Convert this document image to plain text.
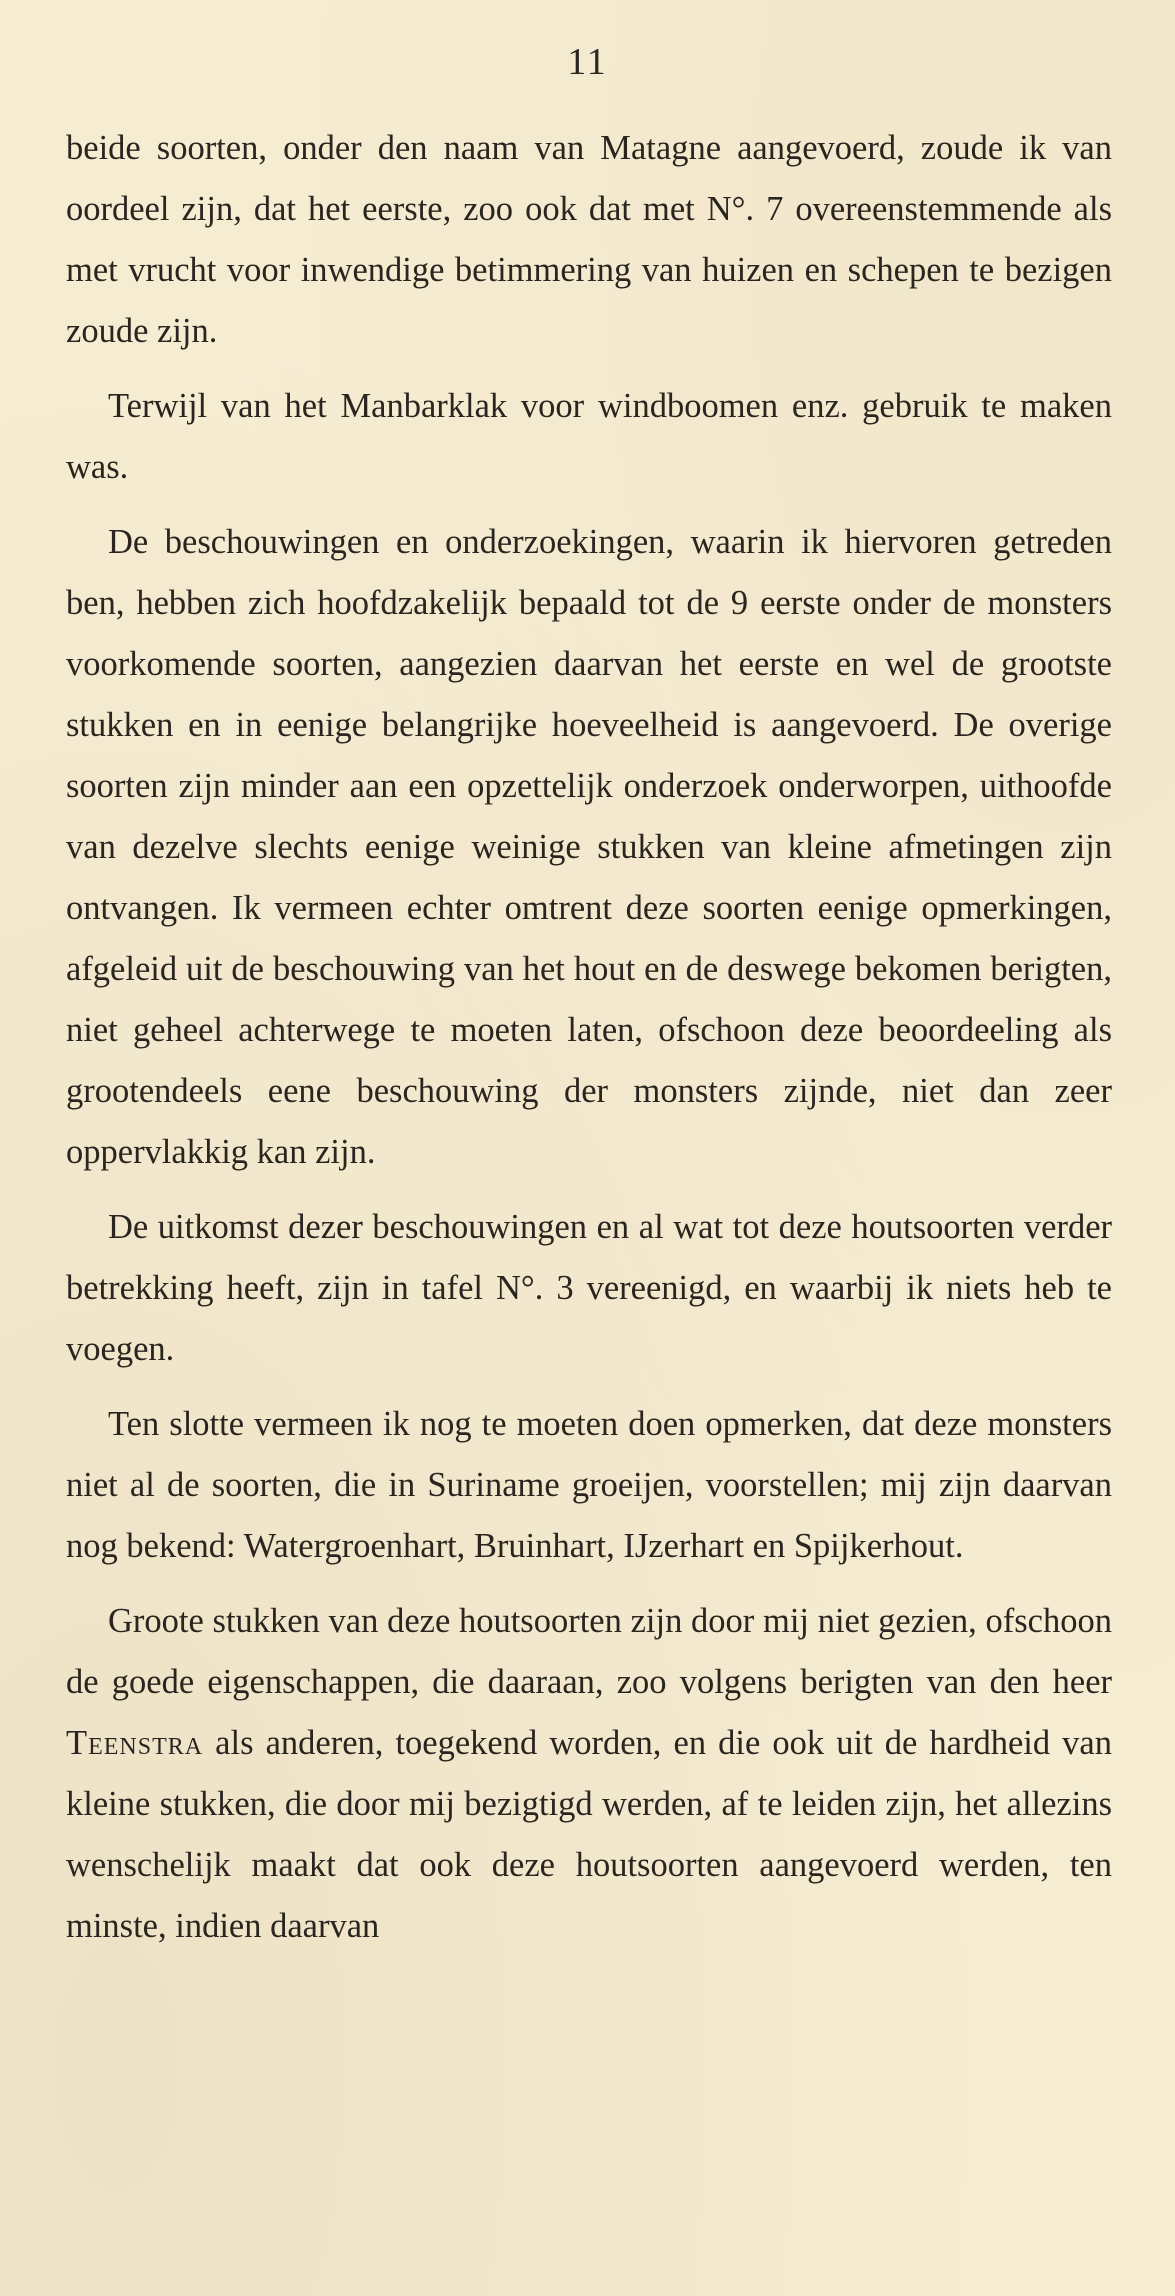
11

beide soorten, onder den naam van Matagne aangevoerd, zoude ik van oordeel zijn, dat het eerste, zoo ook dat met N°. 7 overeenstemmende als met vrucht voor inwendige betimmering van huizen en schepen te bezigen zoude zijn.

Terwijl van het Manbarklak voor windboomen enz. gebruik te maken was.

De beschouwingen en onderzoekingen, waarin ik hiervoren getreden ben, hebben zich hoofdzakelijk bepaald tot de 9 eerste onder de monsters voorkomende soorten, aangezien daarvan het eerste en wel de grootste stukken en in eenige belangrijke hoeveelheid is aangevoerd. De overige soorten zijn minder aan een opzettelijk onderzoek onderworpen, uithoofde van dezelve slechts eenige weinige stukken van kleine afmetingen zijn ontvangen. Ik vermeen echter omtrent deze soorten eenige opmerkingen, afgeleid uit de beschouwing van het hout en de deswege bekomen berigten, niet geheel achterwege te moeten laten, ofschoon deze beoordeeling als grootendeels eene beschouwing der monsters zijnde, niet dan zeer oppervlakkig kan zijn.

De uitkomst dezer beschouwingen en al wat tot deze houtsoorten verder betrekking heeft, zijn in tafel N°. 3 vereenigd, en waarbij ik niets heb te voegen.

Ten slotte vermeen ik nog te moeten doen opmerken, dat deze monsters niet al de soorten, die in Suriname groeijen, voorstellen; mij zijn daarvan nog bekend: Watergroenhart, Bruinhart, IJzerhart en Spijkerhout.

Groote stukken van deze houtsoorten zijn door mij niet gezien, ofschoon de goede eigenschappen, die daaraan, zoo volgens berigten van den heer Teenstra als anderen, toegekend worden, en die ook uit de hardheid van kleine stukken, die door mij bezigtigd werden, af te leiden zijn, het allezins wenschelijk maakt dat ook deze houtsoorten aangevoerd werden, ten minste, indien daarvan
